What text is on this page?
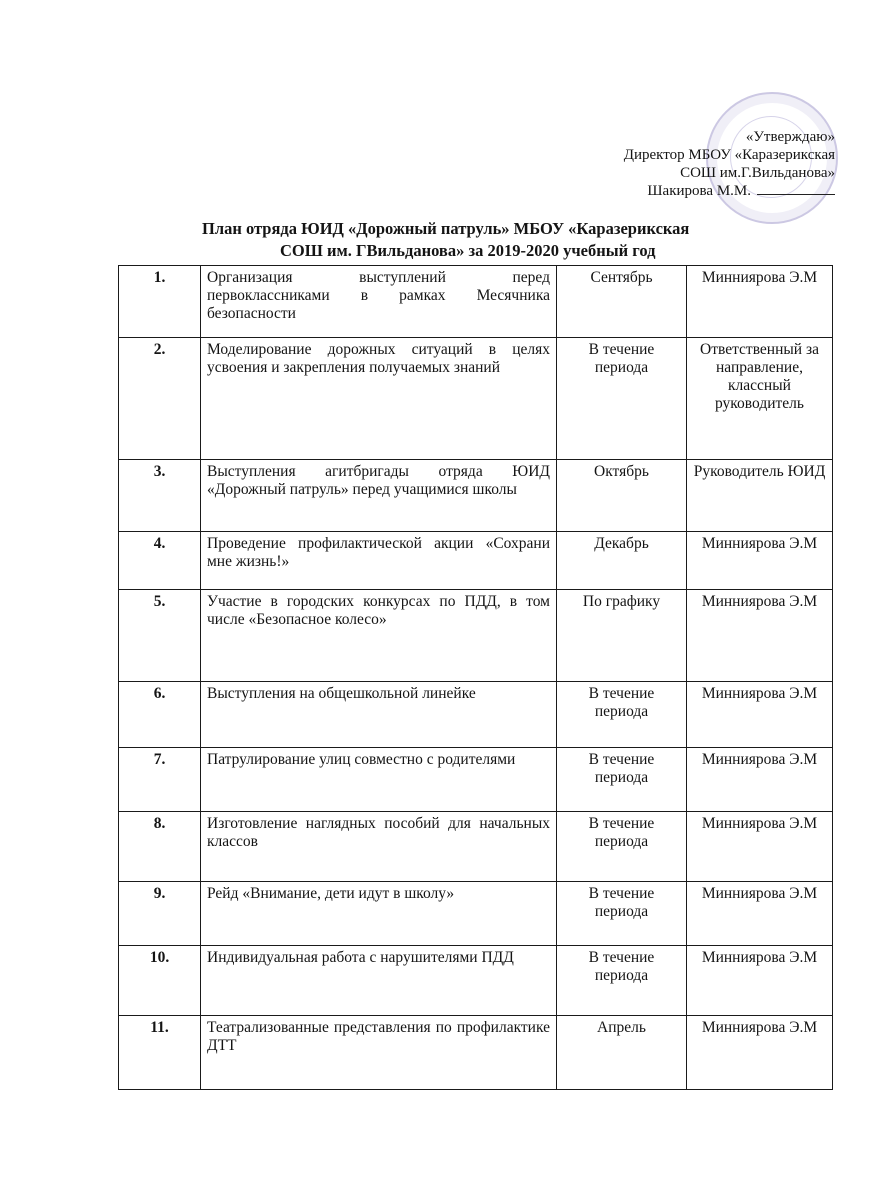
«Утверждаю»
Директор МБОУ «Каразерикская
СОШ им.Г.Вильданова»
Шакирова М.М.
План отряда ЮИД «Дорожный патруль» МБОУ «Каразерикская
СОШ им. ГВильданова» за 2019-2020 учебный год
1.	Организация выступлений перед первоклассниками в рамках Месячника безопасности	Сентябрь	Минниярова Э.М
2.	Моделирование дорожных ситуаций в целях усвоения и закрепления получаемых знаний	В течение периода	Ответственный за направление, классный руководитель
3.	Выступления агитбригады отряда ЮИД «Дорожный патруль» перед учащимися школы	Октябрь	Руководитель ЮИД
4.	Проведение профилактической акции «Сохрани мне жизнь!»	Декабрь	Минниярова Э.М
5.	Участие в городских конкурсах по ПДД, в том числе «Безопасное колесо»	По графику	Минниярова Э.М
6.	Выступления на общешкольной линейке	В течение периода	Минниярова Э.М
7.	Патрулирование улиц совместно с родителями	В течение периода	Минниярова Э.М
8.	Изготовление наглядных пособий для начальных классов	В течение периода	Минниярова Э.М
9.	Рейд «Внимание, дети идут в школу»	В течение периода	Минниярова Э.М
10.	Индивидуальная работа с нарушителями ПДД	В течение периода	Минниярова Э.М
11.	Театрализованные представления по профилактике ДТТ	Апрель	Минниярова Э.М
